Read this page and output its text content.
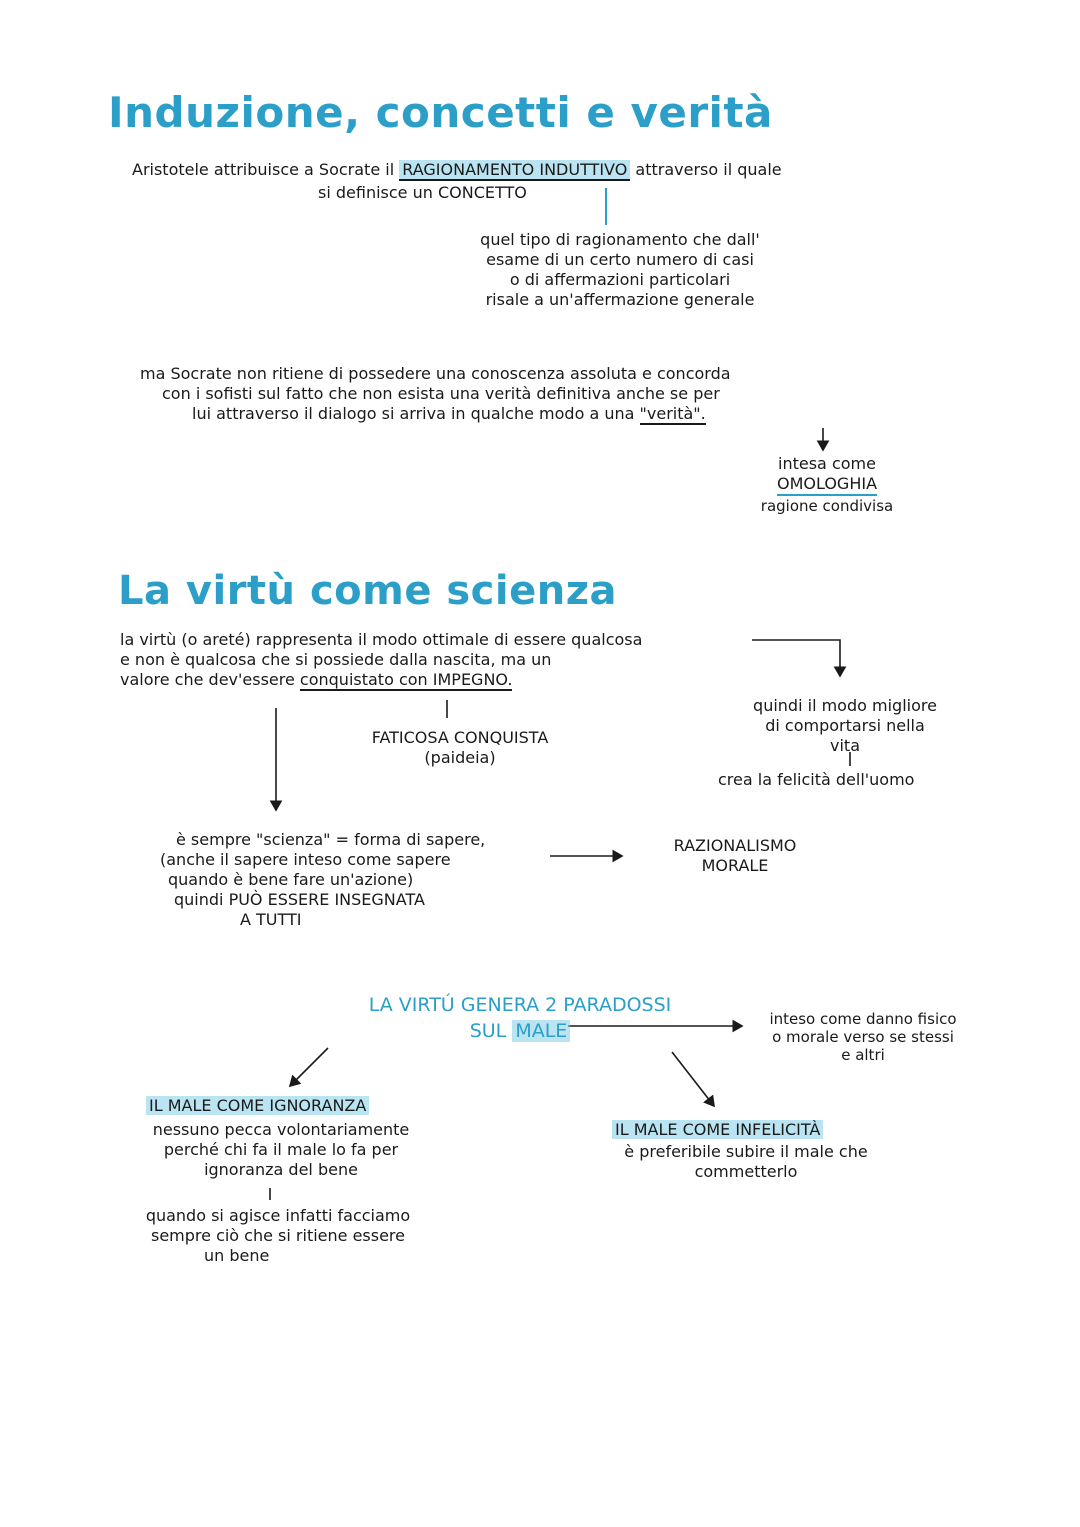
Induzione, concetti e verità
Aristotele attribuisce a Socrate il RAGIONAMENTO INDUTTIVO attraverso il quale
si definisce un CONCETTO
quel tipo di ragionamento che dall'
esame di un certo numero di casi
o di affermazioni particolari
risale a un'affermazione generale
ma Socrate non ritiene di possedere una conoscenza assoluta e concorda
con i sofisti sul fatto che non esista una verità definitiva anche se per
lui attraverso il dialogo si arriva in qualche modo a una "verità".
intesa come
OMOLOGHIA
ragione condivisa
La virtù come scienza
la virtù (o areté) rappresenta il modo ottimale di essere qualcosa
e non è qualcosa che si possiede dalla nascita, ma un
valore che dev'essere conquistato con IMPEGNO.
FATICOSA CONQUISTA
(paideia)
quindi il modo migliore
di comportarsi nella
vita
crea la felicità dell'uomo
è sempre "scienza" = forma di sapere,
(anche il sapere inteso come sapere
quando è bene fare un'azione)
quindi PUÒ ESSERE INSEGNATA
A TUTTI
RAZIONALISMO
MORALE
LA VIRTÚ GENERA 2 PARADOSSI
SUL MALE
inteso come danno fisico
o morale verso se stessi
e altri
IL MALE COME IGNORANZA
nessuno pecca volontariamente
perché chi fa il male lo fa per
ignoranza del bene
quando si agisce infatti facciamo
sempre ciò che si ritiene essere
un bene
IL MALE COME INFELICITÀ
è preferibile subire il male che
commetterlo
